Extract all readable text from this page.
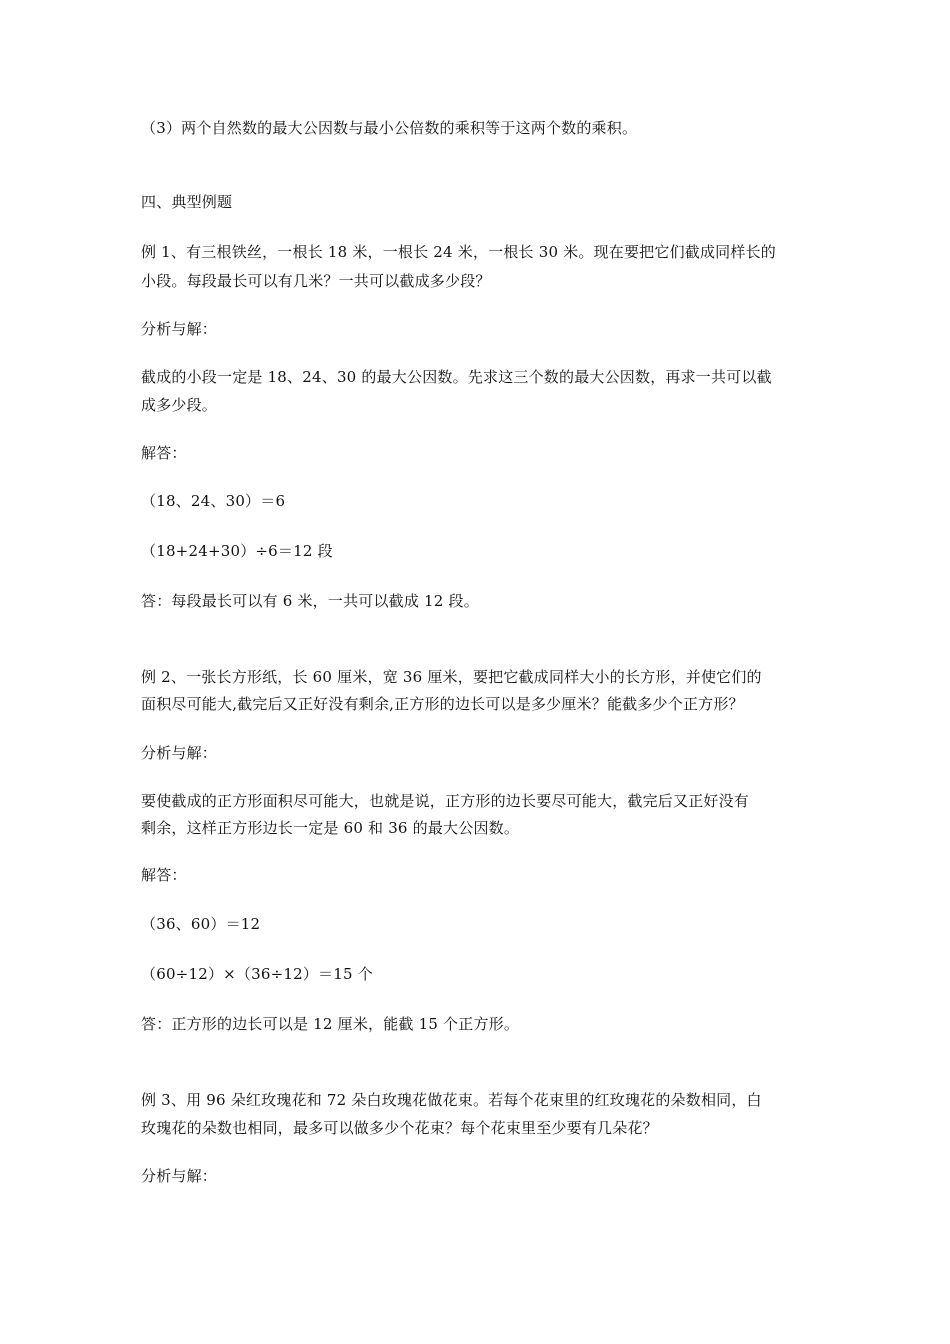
（3）两个自然数的最大公因数与最小公倍数的乘积等于这两个数的乘积。
四、典型例题
例 1、有三根铁丝，一根长 18 米，一根长 24 米，一根长 30 米。现在要把它们截成同样长的
小段。每段最长可以有几米？一共可以截成多少段？
分析与解：
截成的小段一定是 18、24、30 的最大公因数。先求这三个数的最大公因数，再求一共可以截
成多少段。
解答：
（18、24、30）＝6
（18+24+30）÷6＝12 段
答：每段最长可以有 6 米，一共可以截成 12 段。
例 2、一张长方形纸，长 60 厘米，宽 36 厘米，要把它截成同样大小的长方形，并使它们的
面积尽可能大,截完后又正好没有剩余,正方形的边长可以是多少厘米？能截多少个正方形？
分析与解：
要使截成的正方形面积尽可能大，也就是说，正方形的边长要尽可能大，截完后又正好没有
剩余，这样正方形边长一定是 60 和 36 的最大公因数。
解答：
（36、60）＝12
（60÷12）×（36÷12）＝15 个
答：正方形的边长可以是 12 厘米，能截 15 个正方形。
例 3、用 96 朵红玫瑰花和 72 朵白玫瑰花做花束。若每个花束里的红玫瑰花的朵数相同，白
玫瑰花的朵数也相同，最多可以做多少个花束？每个花束里至少要有几朵花？
分析与解：
